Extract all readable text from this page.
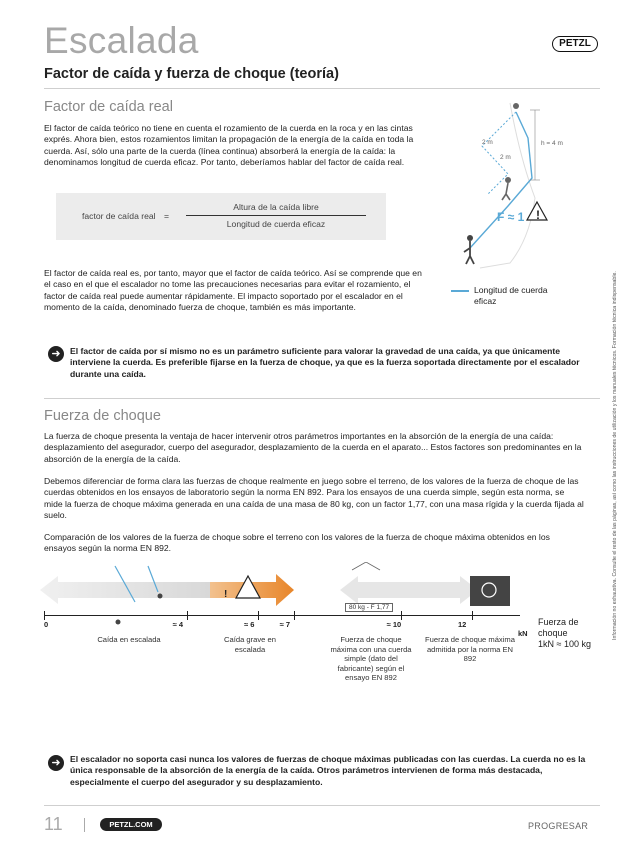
Escalada	PETZL
Factor de caída y fuerza de choque (teoría)
Factor de caída real
El factor de caída teórico no tiene en cuenta el rozamiento de la cuerda en la roca y en las cintas exprés. Ahora bien, estos rozamientos limitan la propagación de la energía de la caída en toda la cuerda. Así, sólo una parte de la cuerda (línea continua) absorberá la energía de la caída: la denominamos longitud de cuerda eficaz. Por tanto, deberíamos hablar del factor de caída real.
factor de caída real =
Altura de la caída libre
Longitud de cuerda eficaz
El factor de caída real es, por tanto, mayor que el factor de caída teórico. Así se comprende que en el caso en el que el escalador no tome las precauciones necesarias para evitar el rozamiento, el factor de caída real puede aumentar rápidamente. El impacto soportado por el escalador en el momento de la caída, denominado fuerza de choque, también es más importante.
2 m
2 m
h = 4 m
F ≈ 1 !
Longitud de cuerda eficaz
➜	El factor de caída por sí mismo no es un parámetro suficiente para valorar la gravedad de una caída, ya que únicamente interviene la cuerda. Es preferible fijarse en la fuerza de choque, ya que es la fuerza soportada directamente por el escalador durante una caída.
Fuerza de choque
La fuerza de choque presenta la ventaja de hacer intervenir otros parámetros importantes en la absorción de la energía de una caída: desplazamiento del asegurador, cuerpo del asegurador, desplazamiento de la cuerda en el aparato... Estos factores son predominantes en la absorción de la energía de la caída.
Debemos diferenciar de forma clara las fuerzas de choque realmente en juego sobre el terreno, de los valores de la fuerza de choque de las cuerdas obtenidos en los ensayos de laboratorio según la norma EN 892. Para los ensayos de una cuerda simple, según esta norma, se mide la fuerza de choque máxima generada en una caída de una masa de 80 kg, con un factor 1,77, con una masa rígida y la cuerda fijada al suelo.
Comparación de los valores de la fuerza de choque sobre el terreno con los valores de la fuerza de choque máxima obtenidos en los ensayos según la norma EN 892.
!
80 kg - F 1,77
0	≈ 4	≈ 6	≈ 7	≈ 10	12
kN
Fuerza de choque
1kN ≈ 100 kg
Caída en escalada	Caída grave en escalada
Fuerza de choque máxima con una cuerda simple (dato del fabricante) según el ensayo EN 892
Fuerza de choque máxima admitida por la norma EN 892
➜	El escalador no soporta casi nunca los valores de fuerzas de choque máximas publicadas con las cuerdas. La cuerda no es la única responsable de la absorción de la energía de la caída. Otros parámetros intervienen de forma más destacada, especialmente el cuerpo del asegurador y su desplazamiento.
Información no exhaustiva. Consulte el resto de las páginas, así como las instrucciones de utilización y los manuales técnicos. Formación técnica indispensable.
11	PETZL.COM	PROGRESAR
